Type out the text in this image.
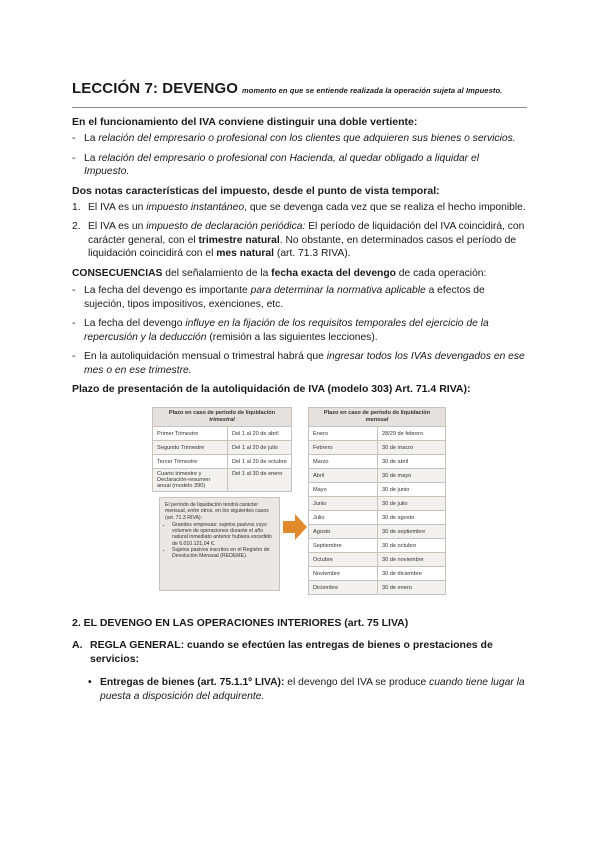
LECCIÓN 7: DEVENGO momento en que se entiende realizada la operación sujeta al Impuesto.
En el funcionamiento del IVA conviene distinguir una doble vertiente:
- La relación del empresario o profesional con los clientes que adquieren sus bienes o servicios.
- La relación del empresario o profesional con Hacienda, al quedar obligado a liquidar el Impuesto.
Dos notas características del impuesto, desde el punto de vista temporal:
1. El IVA es un impuesto instantáneo, que se devenga cada vez que se realiza el hecho imponible.
2. El IVA es un impuesto de declaración periódica: El período de liquidación del IVA coincidirá, con carácter general, con el trimestre natural. No obstante, en determinados casos el período de liquidación coincidirá con el mes natural (art. 71.3 RIVA).
CONSECUENCIAS del señalamiento de la fecha exacta del devengo de cada operación:
- La fecha del devengo es importante para determinar la normativa aplicable a efectos de sujeción, tipos impositivos, exenciones, etc.
- La fecha del devengo influye en la fijación de los requisitos temporales del ejercicio de la repercusión y la deducción (remisión a las siguientes lecciones).
- En la autoliquidación mensual o trimestral habrá que ingresar todos los IVAs devengados en ese mes o en ese trimestre.
Plazo de presentación de la autoliquidación de IVA (modelo 303) Art. 71.4 RIVA):
Plazo en caso de período de liquidación
trimestral	
Primer Trimestre	Del 1 al 20 de abril
Segundo Trimestre	Del 1 al 20 de julio
Tercer Trimestre	Del 1 al 20 de octubre
Cuarto trimestre y Declaración-resumen anual (modelo 390)	Del 1 al 30 de enero
El período de liquidación tendrá carácter mensual, entre otros, en los siguientes casos (art. 71.3 RIVA):
• Grandes empresas: sujetos pasivos cuyo volumen de operaciones durante el año natural inmediato anterior hubiera excedido de 6.010.121,04 €.
• Sujetos pasivos inscritos en el Registro de Devolución Mensual (REDEME).
Plazo en caso de período de liquidación
mensual	
Enero	28/29 de febrero
Febrero	30 de marzo
Marzo	30 de abril
Abril	30 de mayo
Mayo	30 de junio
Junio	30 de julio
Julio	30 de agosto
Agosto	30 de septiembre
Septiembre	30 de octubre
Octubre	30 de noviembre
Noviembre	30 de diciembre
Diciembre	30 de enero
2. EL DEVENGO EN LAS OPERACIONES INTERIORES (art. 75 LIVA)
A. REGLA GENERAL: cuando se efectúen las entregas de bienes o prestaciones de servicios:
• Entregas de bienes (art. 75.1.1º LIVA): el devengo del IVA se produce cuando tiene lugar la puesta a disposición del adquirente.
